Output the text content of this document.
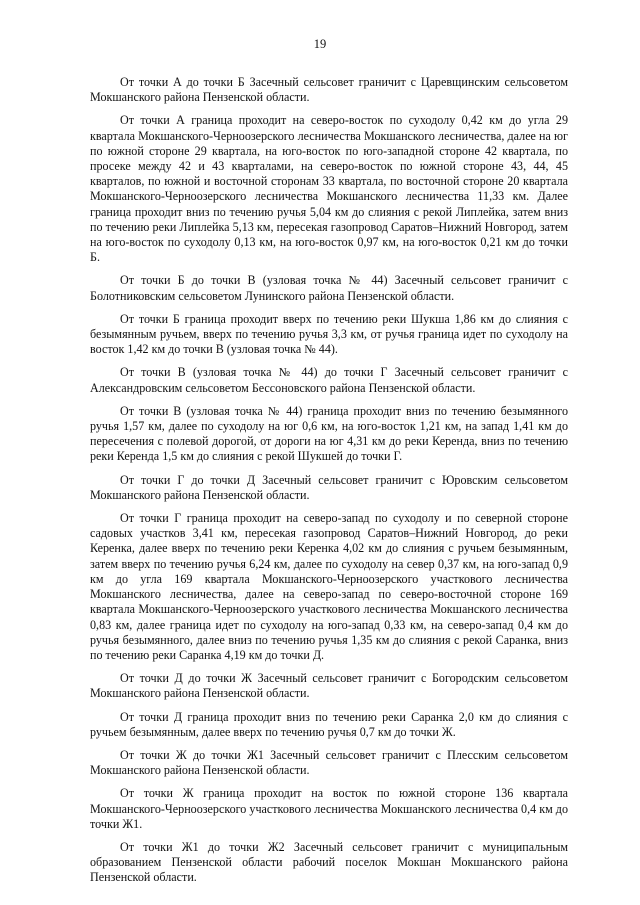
19

От точки А до точки Б Засечный сельсовет граничит с Царевщинским сельсоветом Мокшанского района Пензенской области.

От точки А граница проходит на северо-восток по суходолу 0,42 км до угла 29 квартала Мокшанского-Черноозерского лесничества Мокшанского лесничества, далее на юг по южной стороне 29 квартала, на юго-восток по юго-западной стороне 42 квартала, по просеке между 42 и 43 кварталами, на северо-восток по южной стороне 43, 44, 45 кварталов, по южной и восточной сторонам 33 квартала, по восточной стороне 20 квартала Мокшанского-Черноозерского лесничества Мокшанского лесничества 11,33 км. Далее граница проходит вниз по течению ручья 5,04 км до слияния с рекой Липлейка, затем вниз по течению реки Липлейка 5,13 км, пересекая газопровод Саратов–Нижний Новгород, затем на юго-восток по суходолу 0,13 км, на юго-восток 0,97 км, на юго-восток 0,21 км до точки Б.

От точки Б до точки В (узловая точка № 44) Засечный сельсовет граничит с Болотниковским сельсоветом Лунинского района Пензенской области.

От точки Б граница проходит вверх по течению реки Шукша 1,86 км до слияния с безымянным ручьем, вверх по течению ручья 3,3 км, от ручья граница идет по суходолу на восток 1,42 км до точки В (узловая точка № 44).

От точки В (узловая точка № 44) до точки Г Засечный сельсовет граничит с Александровским сельсоветом Бессоновского района Пензенской области.

От точки В (узловая точка № 44) граница проходит вниз по течению безымянного ручья 1,57 км, далее по суходолу на юг 0,6 км, на юго-восток 1,21 км, на запад 1,41 км до пересечения с полевой дорогой, от дороги на юг 4,31 км до реки Керенда, вниз по течению реки Керенда 1,5 км до слияния с рекой Шукшей до точки Г.

От точки Г до точки Д Засечный сельсовет граничит с Юровским сельсоветом Мокшанского района Пензенской области.

От точки Г граница проходит на северо-запад по суходолу и по северной стороне садовых участков 3,41 км, пересекая газопровод Саратов–Нижний Новгород, до реки Керенка, далее вверх по течению реки Керенка 4,02 км до слияния с ручьем безымянным, затем вверх по течению ручья 6,24 км, далее по суходолу на север 0,37 км, на юго-запад 0,9 км до угла 169 квартала Мокшанского-Черноозерского участкового лесничества Мокшанского лесничества, далее на северо-запад по северо-восточной стороне 169 квартала Мокшанского-Черноозерского участкового лесничества Мокшанского лесничества 0,83 км, далее граница идет по суходолу на юго-запад 0,33 км, на северо-запад 0,4 км до ручья безымянного, далее вниз по течению ручья 1,35 км до слияния с рекой Саранка, вниз по течению реки Саранка 4,19 км до точки Д.

От точки Д до точки Ж Засечный сельсовет граничит с Богородским сельсоветом Мокшанского района Пензенской области.

От точки Д граница проходит вниз по течению реки Саранка 2,0 км до слияния с ручьем безымянным, далее вверх по течению ручья 0,7 км до точки Ж.

От точки Ж до точки Ж1 Засечный сельсовет граничит с Плесским сельсоветом Мокшанского района Пензенской области.

От точки Ж граница проходит на восток по южной стороне 136 квартала Мокшанского-Черноозерского участкового лесничества Мокшанского лесничества 0,4 км до точки Ж1.

От точки Ж1 до точки Ж2 Засечный сельсовет граничит с муниципальным образованием Пензенской области рабочий поселок Мокшан Мокшанского района Пензенской области.
